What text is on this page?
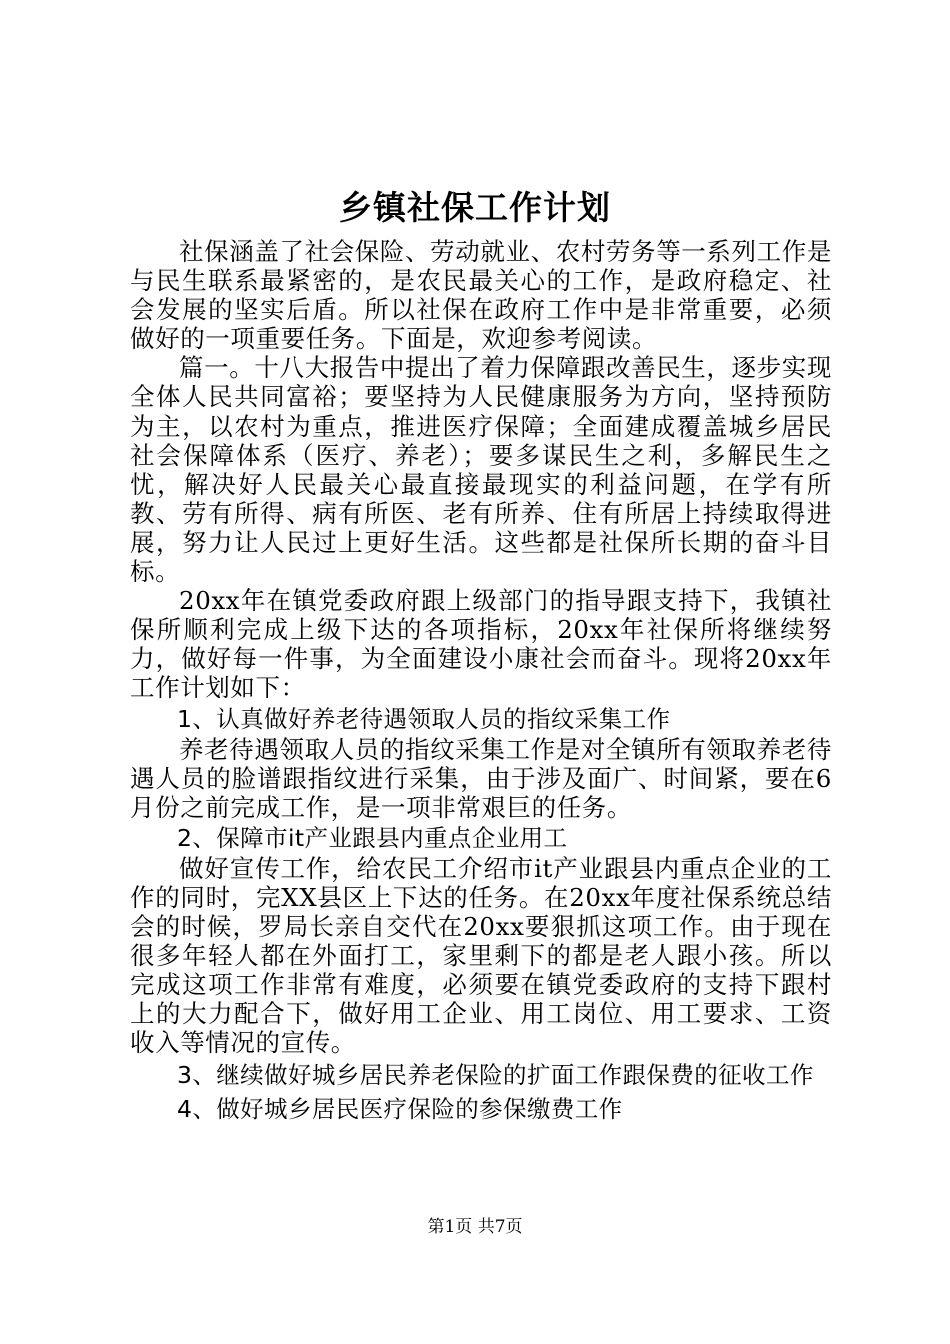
乡镇社保工作计划

社保涵盖了社会保险、劳动就业、农村劳务等一系列工作是与民生联系最紧密的，是农民最关心的工作，是政府稳定、社会发展的坚实后盾。所以社保在政府工作中是非常重要，必须做好的一项重要任务。下面是，欢迎参考阅读。

篇一。十八大报告中提出了着力保障跟改善民生，逐步实现全体人民共同富裕；要坚持为人民健康服务为方向，坚持预防为主，以农村为重点，推进医疗保障；全面建成覆盖城乡居民社会保障体系（医疗、养老）；要多谋民生之利，多解民生之忧，解决好人民最关心最直接最现实的利益问题，在学有所教、劳有所得、病有所医、老有所养、住有所居上持续取得进展，努力让人民过上更好生活。这些都是社保所长期的奋斗目标。

20xx年在镇党委政府跟上级部门的指导跟支持下，我镇社保所顺利完成上级下达的各项指标，20xx年社保所将继续努力，做好每一件事，为全面建设小康社会而奋斗。现将20xx年工作计划如下：

1、认真做好养老待遇领取人员的指纹采集工作

养老待遇领取人员的指纹采集工作是对全镇所有领取养老待遇人员的脸谱跟指纹进行采集，由于涉及面广、时间紧，要在6月份之前完成工作，是一项非常艰巨的任务。

2、保障市it产业跟县内重点企业用工

做好宣传工作，给农民工介绍市it产业跟县内重点企业的工作的同时，完XX县区上下达的任务。在20xx年度社保系统总结会的时候，罗局长亲自交代在20xx要狠抓这项工作。由于现在很多年轻人都在外面打工，家里剩下的都是老人跟小孩。所以完成这项工作非常有难度，必须要在镇党委政府的支持下跟村上的大力配合下，做好用工企业、用工岗位、用工要求、工资收入等情况的宣传。

3、继续做好城乡居民养老保险的扩面工作跟保费的征收工作

4、做好城乡居民医疗保险的参保缴费工作

第1页 共7页
